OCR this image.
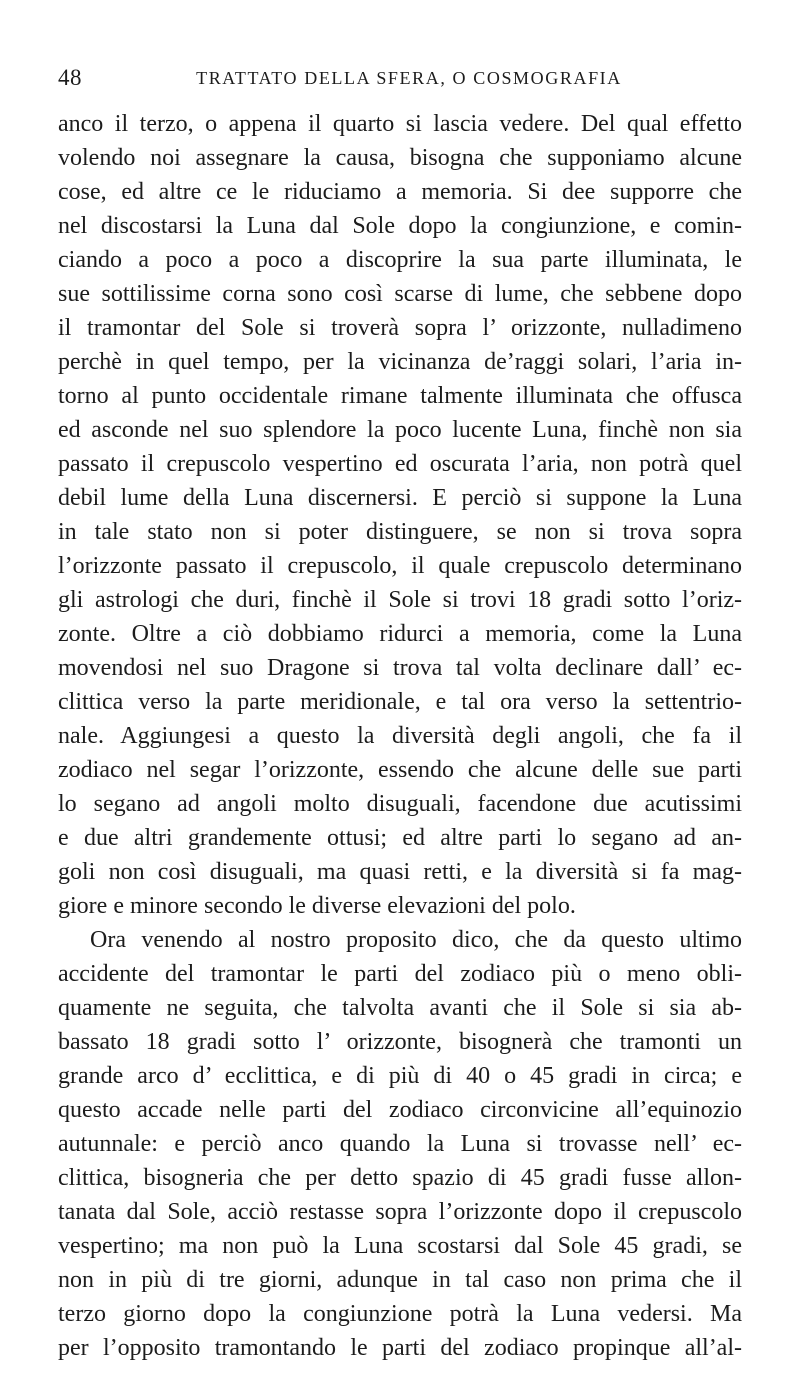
48	TRATTATO DELLA SFERA, O COSMOGRAFIA
anco il terzo, o appena il quarto si lascia vedere. Del qual effetto
volendo noi assegnare la causa, bisogna che supponiamo alcune
cose, ed altre ce le riduciamo a memoria. Si dee supporre che
nel discostarsi la Luna dal Sole dopo la congiunzione, e comin-
ciando a poco a poco a discoprire la sua parte illuminata, le
sue sottilissime corna sono così scarse di lume, che sebbene dopo
il tramontar del Sole si troverà sopra l’ orizzonte, nulladimeno
perchè in quel tempo, per la vicinanza de’raggi solari, l’aria in-
torno al punto occidentale rimane talmente illuminata che offusca
ed asconde nel suo splendore la poco lucente Luna, finchè non sia
passato il crepuscolo vespertino ed oscurata l’aria, non potrà quel
debil lume della Luna discernersi. E perciò si suppone la Luna
in tale stato non si poter distinguere, se non si trova sopra
l’orizzonte passato il crepuscolo, il quale crepuscolo determinano
gli astrologi che duri, finchè il Sole si trovi 18 gradi sotto l’oriz-
zonte. Oltre a ciò dobbiamo ridurci a memoria, come la Luna
movendosi nel suo Dragone si trova tal volta declinare dall’ ec-
clittica verso la parte meridionale, e tal ora verso la settentrio-
nale. Aggiungesi a questo la diversità degli angoli, che fa il
zodiaco nel segar l’orizzonte, essendo che alcune delle sue parti
lo segano ad angoli molto disuguali, facendone due acutissimi
e due altri grandemente ottusi; ed altre parti lo segano ad an-
goli non così disuguali, ma quasi retti, e la diversità si fa mag-
giore e minore secondo le diverse elevazioni del polo.
Ora venendo al nostro proposito dico, che da questo ultimo
accidente del tramontar le parti del zodiaco più o meno obli-
quamente ne seguita, che talvolta avanti che il Sole si sia ab-
bassato 18 gradi sotto l’ orizzonte, bisognerà che tramonti un
grande arco d’ ecclittica, e di più di 40 o 45 gradi in circa; e
questo accade nelle parti del zodiaco circonvicine all’equinozio
autunnale: e perciò anco quando la Luna si trovasse nell’ ec-
clittica, bisogneria che per detto spazio di 45 gradi fusse allon-
tanata dal Sole, acciò restasse sopra l’orizzonte dopo il crepuscolo
vespertino; ma non può la Luna scostarsi dal Sole 45 gradi, se
non in più di tre giorni, adunque in tal caso non prima che il
terzo giorno dopo la congiunzione potrà la Luna vedersi. Ma
per l’opposito tramontando le parti del zodiaco propinque all’al-
